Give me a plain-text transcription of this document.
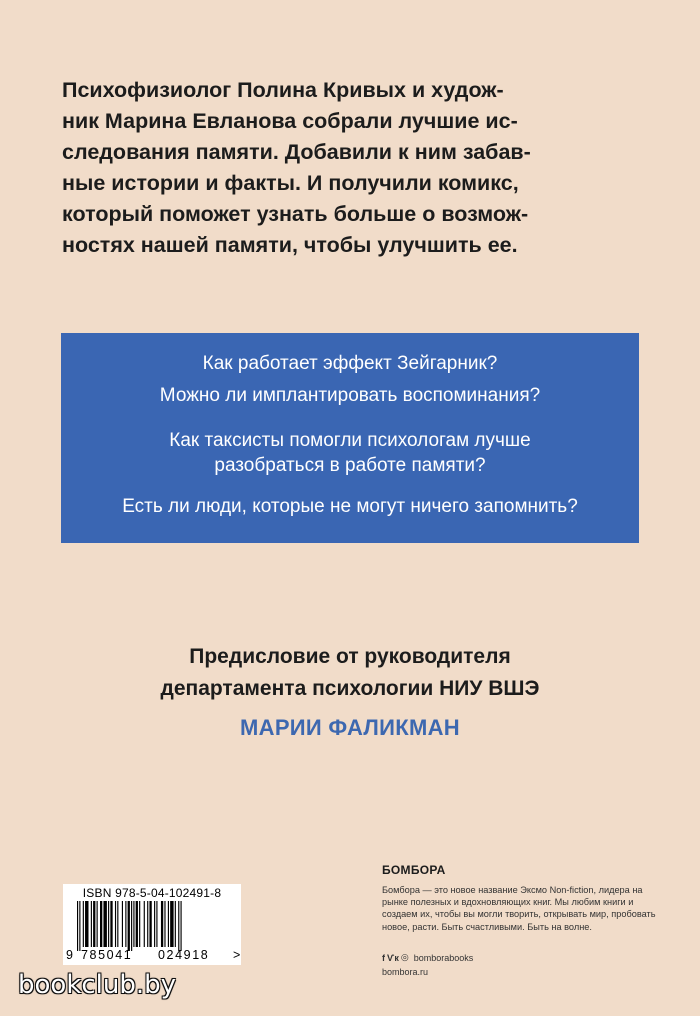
Психофизиолог Полина Кривых и худож-
ник Марина Евланова собрали лучшие ис-
следования памяти. Добавили к ним забав-
ные истории и факты. И получили комикс,
который поможет узнать больше о возмож-
ностях нашей памяти, чтобы улучшить ее.
Как работает эффект Зейгарник?
Можно ли имплантировать воспоминания?
Как таксисты помогли психологам лучше
разобраться в работе памяти?
Есть ли люди, которые не могут ничего запомнить?
Предисловие от руководителя
департамента психологии НИУ ВШЭ
МАРИИ ФАЛИКМАН
ISBN 978-5-04-102491-8
9 785041 024918 >
БОМБОРА
Бомбора — это новое название Эксмо Non-fiction, лидера на рынке полезных и вдохновляющих книг. Мы любим книги и создаем их, чтобы вы могли творить, открывать мир, пробовать новое, расти. Быть счастливыми. Быть на волне.
f Ѵк ◎ bomborabooks
bombora.ru
bookclub.by
